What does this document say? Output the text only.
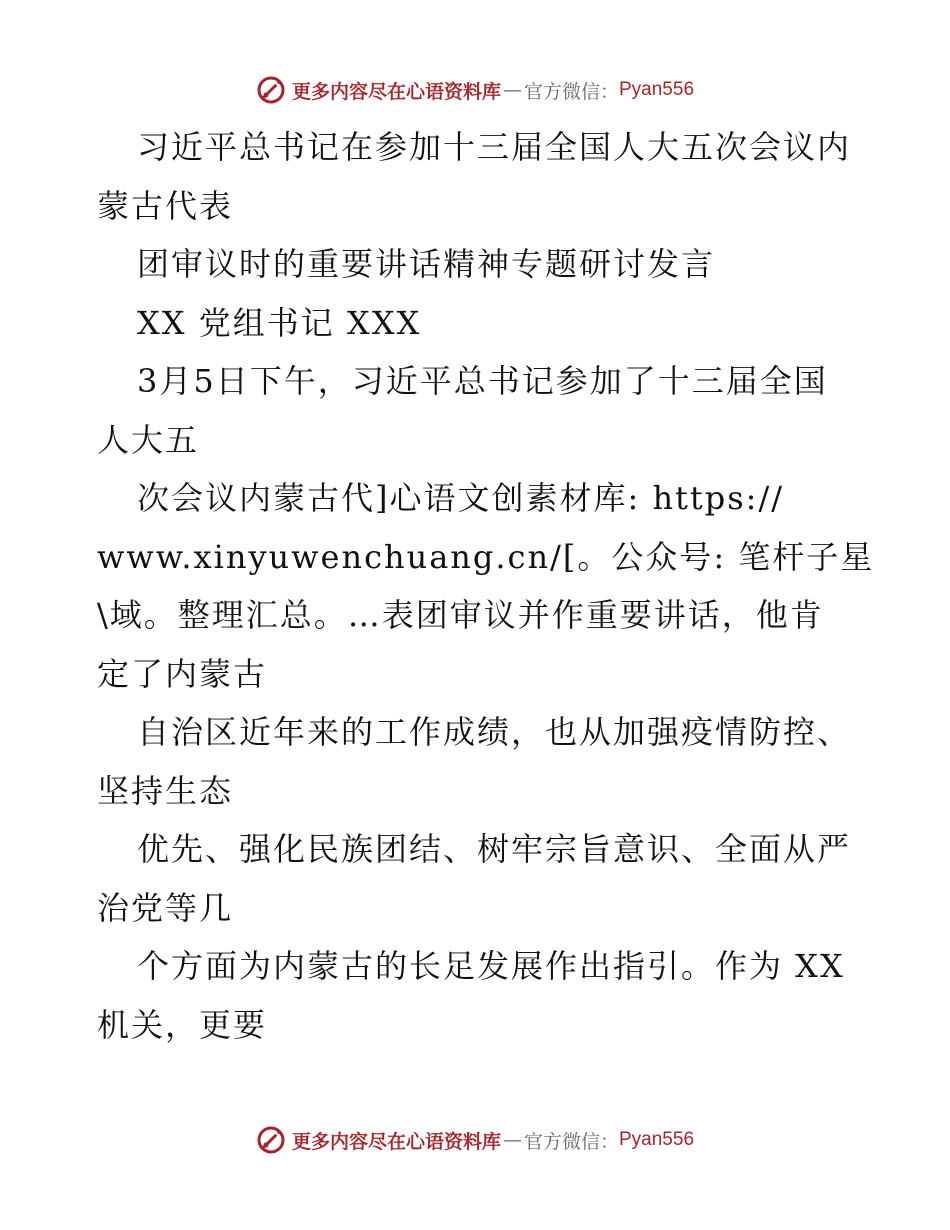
更多内容尽在心语资料库 — 官方微信： Pyan556
习近平总书记在参加十三届全国人大五次会议内
蒙古代表
团审议时的重要讲话精神专题研讨发言
XX 党组书记 XXX
3月5日下午，习近平总书记参加了十三届全国
人大五
次会议内蒙古代]心语文创素材库: https://
www.xinyuwenchuang.cn/[。公众号: 笔杆子星
\域。整理汇总。…表团审议并作重要讲话，他肯
定了内蒙古
自治区近年来的工作成绩，也从加强疫情防控、
坚持生态
优先、强化民族团结、树牢宗旨意识、全面从严
治党等几
个方面为内蒙古的长足发展作出指引。作为 XX
机关，更要
更多内容尽在心语资料库 — 官方微信： Pyan556
